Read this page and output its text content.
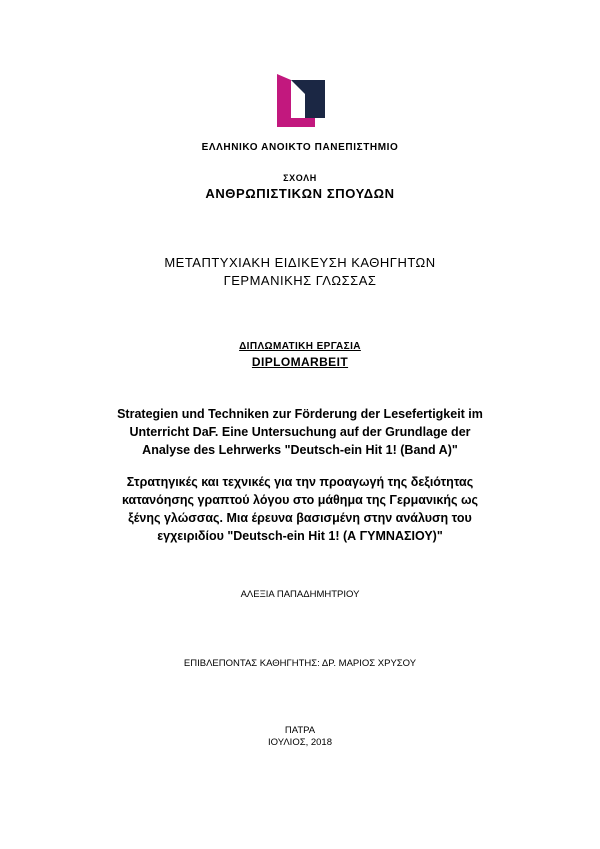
ΕΛΛΗΝΙΚΟ ΑΝΟΙΚΤΟ ΠΑΝΕΠΙΣΤΗΜΙΟ
ΣΧΟΛΗ
ΑΝΘΡΩΠΙΣΤΙΚΩΝ ΣΠΟΥΔΩΝ
ΜΕΤΑΠΤΥΧΙΑΚΗ ΕΙΔΙΚΕΥΣΗ ΚΑΘΗΓΗΤΩΝ
ΓΕΡΜΑΝΙΚΗΣ ΓΛΩΣΣΑΣ
ΔΙΠΛΩΜΑΤΙΚΗ ΕΡΓΑΣΙΑ
DIPLOMARBEIT
Strategien und Techniken zur Förderung der Lesefertigkeit im
Unterricht DaF. Eine Untersuchung auf der Grundlage der
Analyse des Lehrwerks "Deutsch-ein Hit 1! (Band A)"
Στρατηγικές και τεχνικές για την προαγωγή της δεξιότητας
κατανόησης γραπτού λόγου στο μάθημα της Γερμανικής ως
ξένης γλώσσας. Μια έρευνα βασισμένη στην ανάλυση του
εγχειριδίου "Deutsch-ein Hit 1! (Α ΓΥΜΝΑΣΙΟΥ)"
ΑΛΕΞΙΑ ΠΑΠΑΔΗΜΗΤΡΙΟΥ
ΕΠΙΒΛΕΠΟΝΤΑΣ ΚΑΘΗΓΗΤΗΣ: ΔΡ. ΜΑΡΙΟΣ ΧΡΥΣΟΥ
ΠΑΤΡΑ
ΙΟΥΛΙΟΣ, 2018
